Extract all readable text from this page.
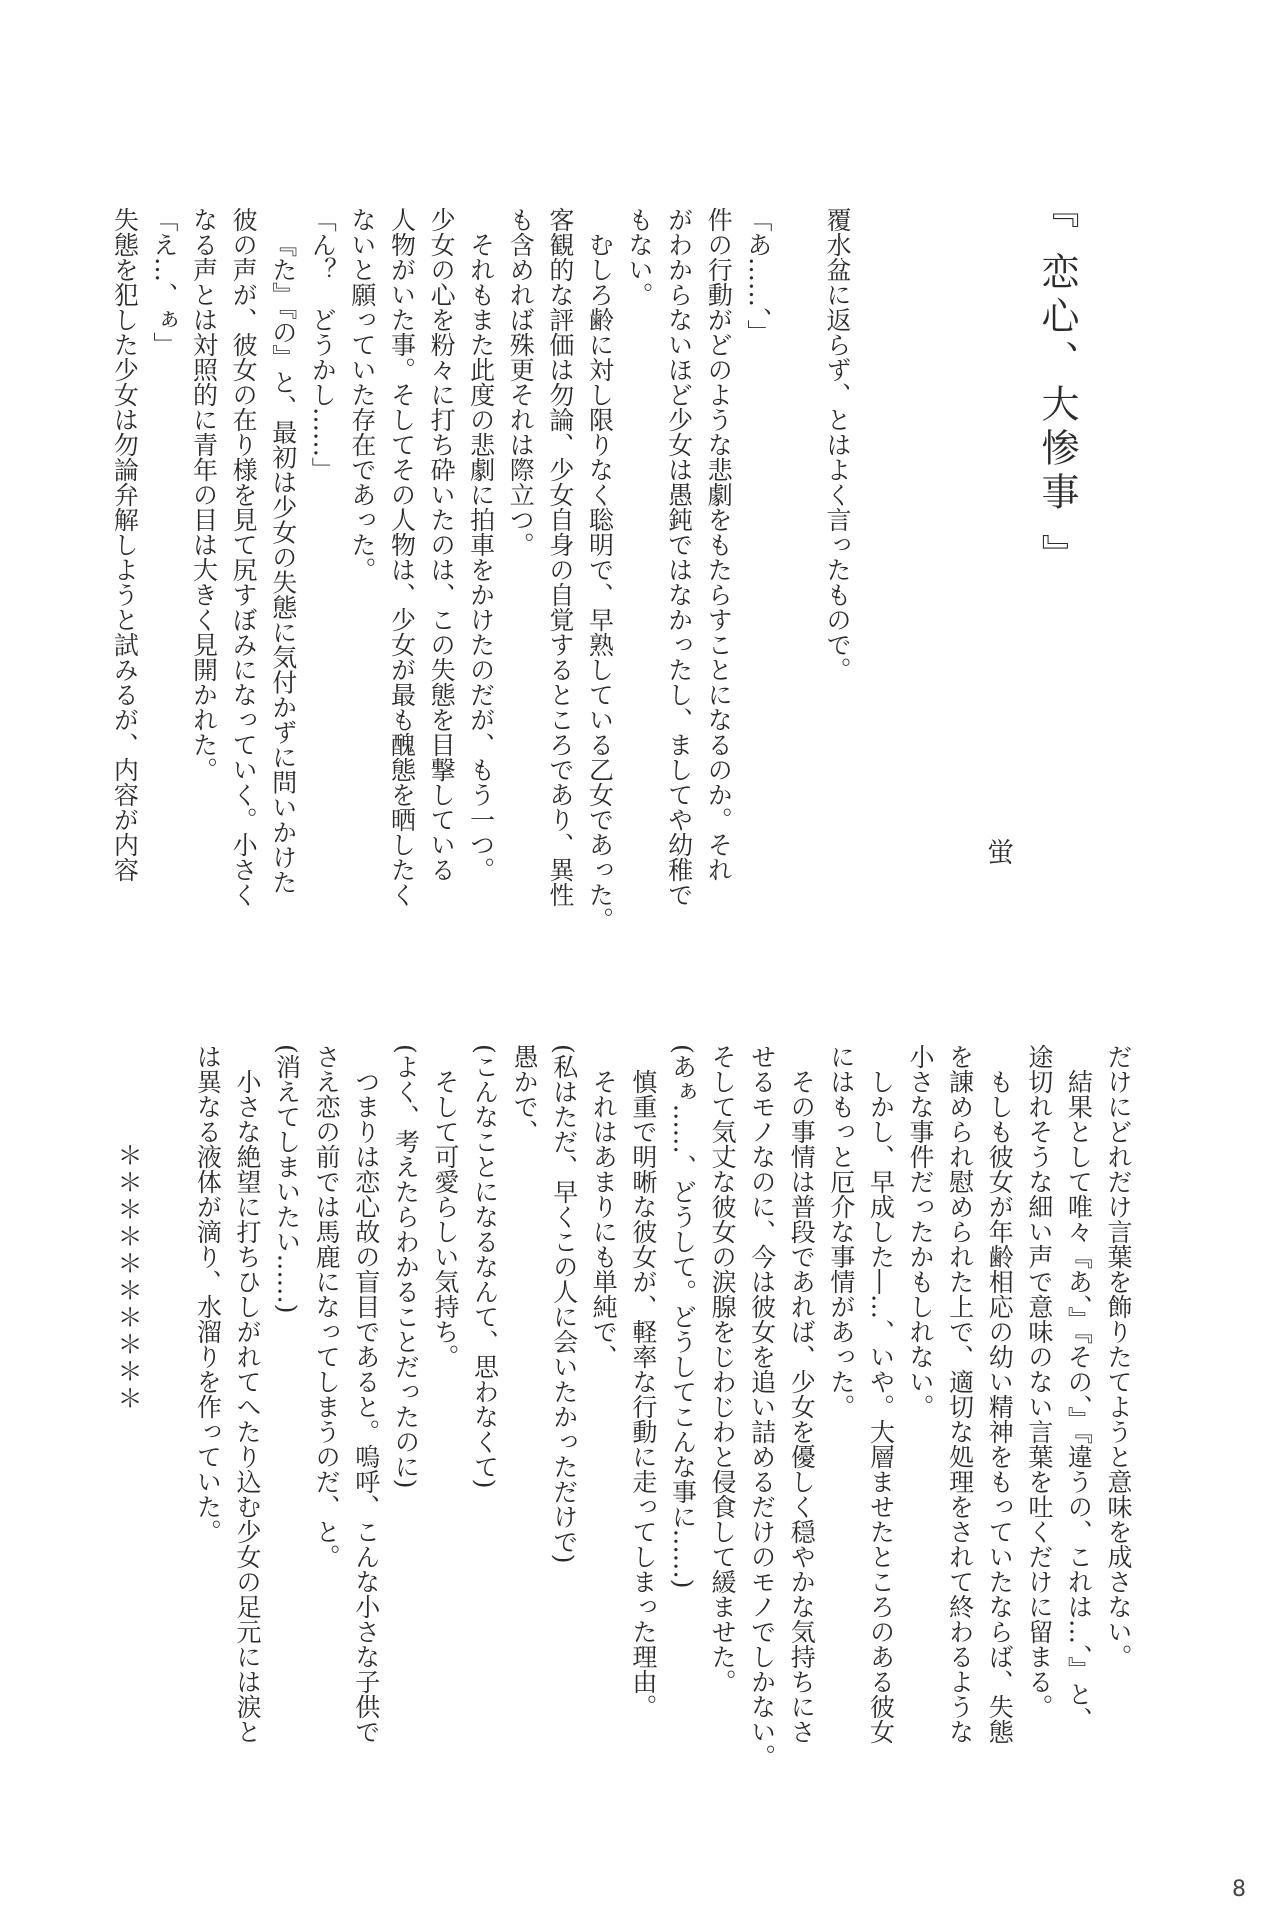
『 恋心、大惨事 』
蛍
覆水盆に返らず、とはよく言ったもので。
「あ……、」
件の行動がどのような悲劇をもたらすことになるのか。それ
がわからないほど少女は愚鈍ではなかったし、ましてや幼稚で
もない。
むしろ齢に対し限りなく聡明で、早熟している乙女であった。
客観的な評価は勿論、少女自身の自覚するところであり、異性
も含めれば殊更それは際立つ。
それもまた此度の悲劇に拍車をかけたのだが、もう一つ。
少女の心を粉々に打ち砕いたのは、この失態を目撃している
人物がいた事。そしてその人物は、少女が最も醜態を晒したく
ないと願っていた存在であった。
「ん？　どうかし……」
『た』『の』と、最初は少女の失態に気付かずに問いかけた
彼の声が、彼女の在り様を見て尻すぼみになっていく。小さく
なる声とは対照的に青年の目は大きく見開かれた。
「え…、ぁ」
失態を犯した少女は勿論弁解しようと試みるが、内容が内容
だけにどれだけ言葉を飾りたてようと意味を成さない。
結果として唯々『あ、』『その、』『違うの、これは…、』と、
途切れそうな細い声で意味のない言葉を吐くだけに留まる。
もしも彼女が年齢相応の幼い精神をもっていたならば、失態
を諌められ慰められた上で、適切な処理をされて終わるような
小さな事件だったかもしれない。
しかし、早成した―…、いや。大層ませたところのある彼女
にはもっと厄介な事情があった。
その事情は普段であれば、少女を優しく穏やかな気持ちにさ
せるモノなのに、今は彼女を追い詰めるだけのモノでしかない。
そして気丈な彼女の涙腺をじわじわと侵食して緩ませた。
(あぁ……、どうして。どうしてこんな事に……)
慎重で明晰な彼女が、軽率な行動に走ってしまった理由。
それはあまりにも単純で、
(私はただ、早くこの人に会いたかっただけで)
愚かで、
(こんなことになるなんて、思わなくて)
そして可愛らしい気持ち。
(よく、考えたらわかることだったのに)
つまりは恋心故の盲目であると。嗚呼、こんな小さな子供で
さえ恋の前では馬鹿になってしまうのだ、と。
(消えてしまいたい……)
小さな絶望に打ちひしがれてへたり込む少女の足元には涙と
は異なる液体が滴り、水溜りを作っていた。
＊＊＊＊＊＊＊＊＊＊
8
